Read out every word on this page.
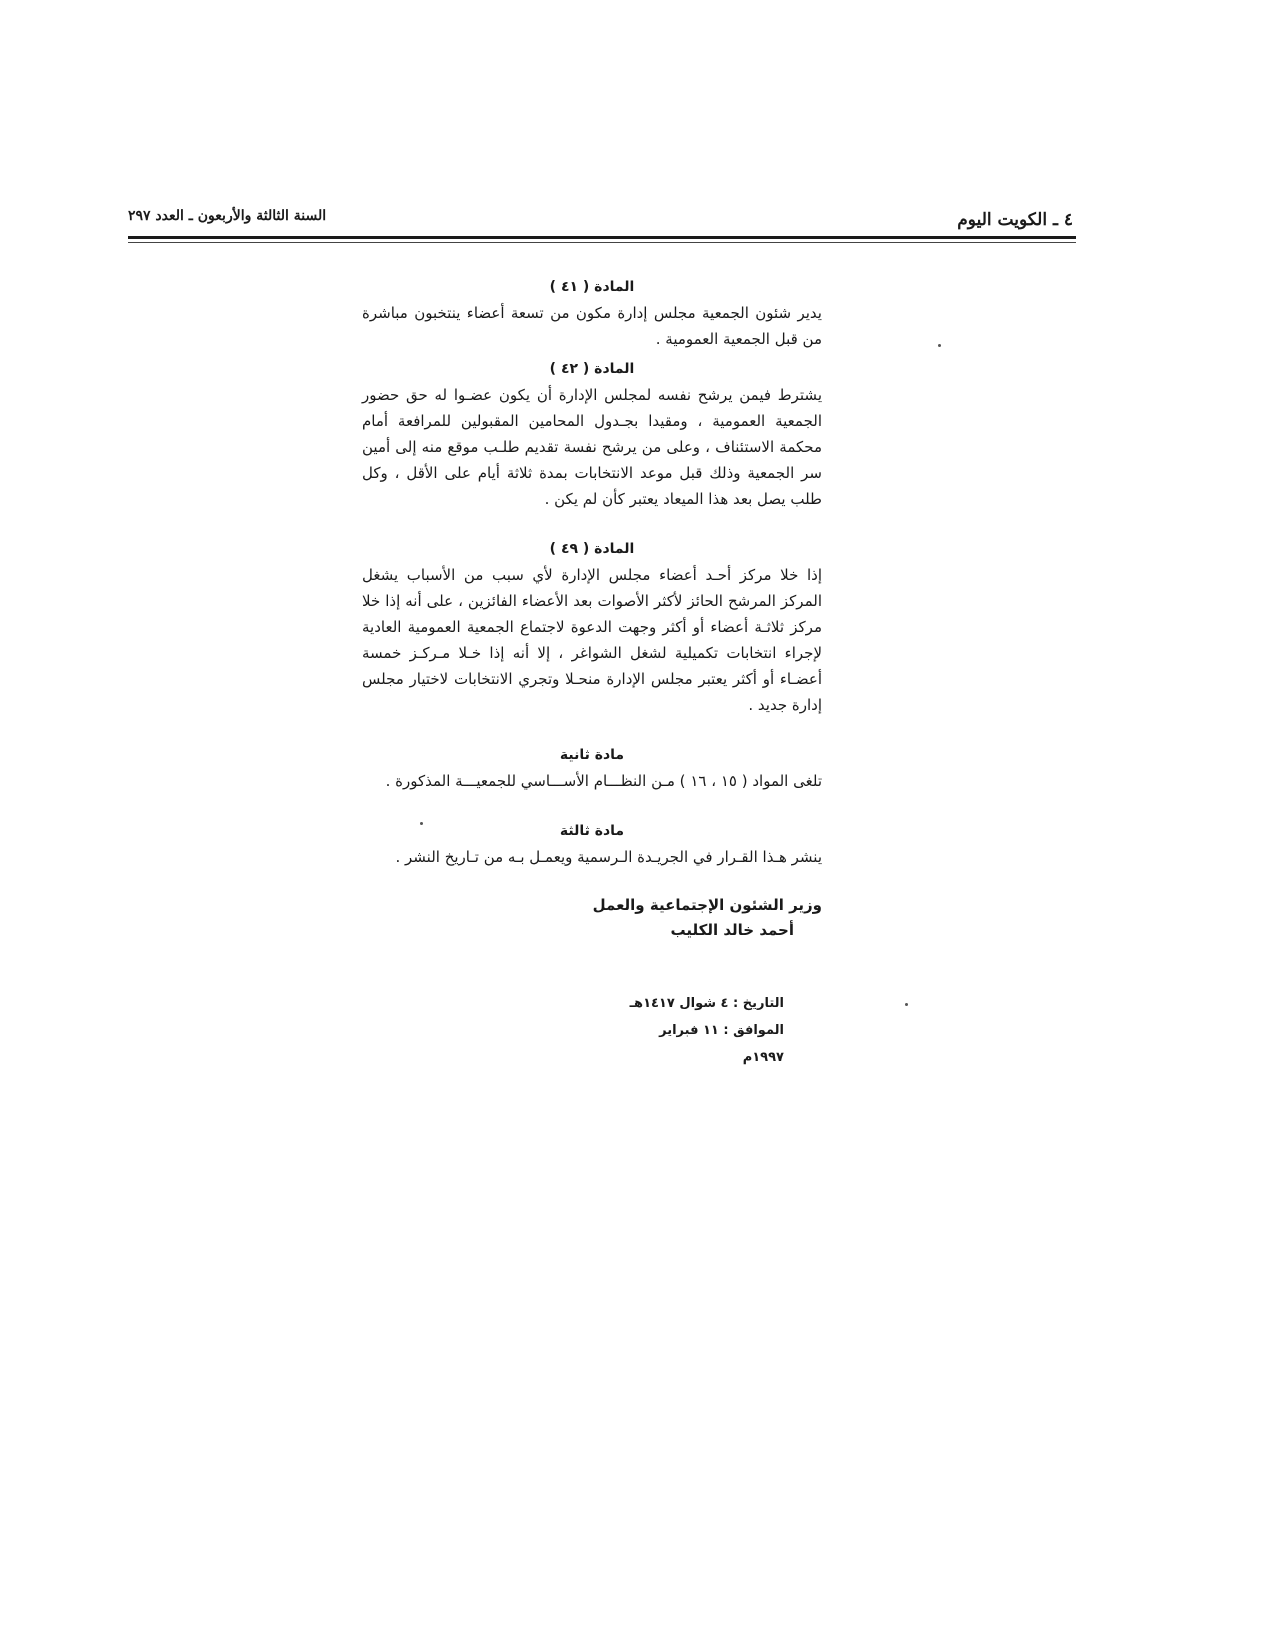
٤ ـ الكويت اليوم
السنة الثالثة والأربعون ـ العدد ٢٩٧
المادة ( ٤١ )

يدير شئون الجمعية مجلس إدارة مكون من تسعة أعضاء ينتخبون مباشرة من قبل الجمعية العمومية .

المادة ( ٤٢ )

يشترط فيمن يرشح نفسه لمجلس الإدارة أن يكون عضـوا له حق حضور الجمعية العمومية ، ومقيدا بجـدول المحامين المقبولين للمرافعة أمام محكمة الاستئناف ، وعلى من يرشح نفسة تقديم طلـب موقع منه إلى أمين سر الجمعية وذلك قبل موعد الانتخابات بمدة ثلاثة أيام على الأقل ، وكل طلب يصل بعد هذا الميعاد يعتبر كأن لم يكن .

المادة ( ٤٩ )

إذا خلا مركز أحـد أعضاء مجلس الإدارة لأي سبب من الأسباب يشغل المركز المرشح الحائز لأكثر الأصوات بعد الأعضاء الفائزين ، على أنه إذا خلا مركز ثلاثـة أعضاء أو أكثر وجهت الدعوة لاجتماع الجمعية العمومية العادية لإجراء انتخابات تكميلية لشغل الشواغر ، إلا أنه إذا خـلا مـركـز خمسة أعضـاء أو أكثر يعتبر مجلس الإدارة منحـلا وتجري الانتخابات لاختيار مجلس إدارة جديد .

مادة ثانية

تلغى المواد ( ١٥ ، ١٦ ) مـن النظـــام الأســـاسي للجمعيـــة المذكورة .

مادة ثالثة

ينشر هـذا القـرار في الجريـدة الـرسمية ويعمـل بـه من تـاريخ النشر .

وزير الشئون الإجتماعية والعمل
أحمد خالد الكليب
التاريخ : ٤ شوال ١٤١٧هـ
الموافق : ١١ فبراير ١٩٩٧م
